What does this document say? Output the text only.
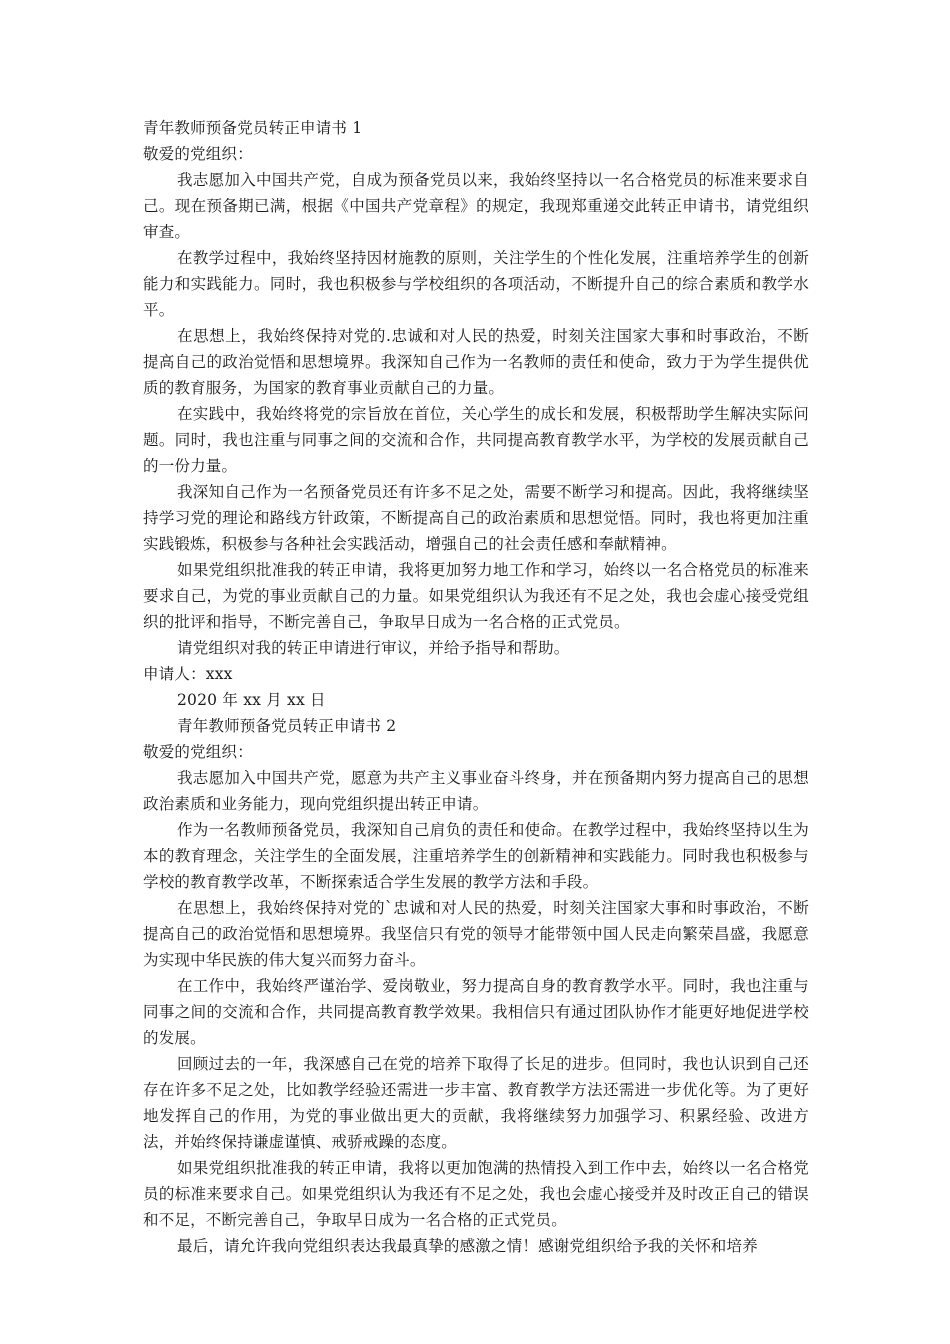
青年教师预备党员转正申请书 1
敬爱的党组织：
我志愿加入中国共产党，自成为预备党员以来，我始终坚持以一名合格党员的标准来要求自己。现在预备期已满，根据《中国共产党章程》的规定，我现郑重递交此转正申请书，请党组织审查。
在教学过程中，我始终坚持因材施教的原则，关注学生的个性化发展，注重培养学生的创新能力和实践能力。同时，我也积极参与学校组织的各项活动，不断提升自己的综合素质和教学水平。
在思想上，我始终保持对党的.忠诚和对人民的热爱，时刻关注国家大事和时事政治，不断提高自己的政治觉悟和思想境界。我深知自己作为一名教师的责任和使命，致力于为学生提供优质的教育服务，为国家的教育事业贡献自己的力量。
在实践中，我始终将党的宗旨放在首位，关心学生的成长和发展，积极帮助学生解决实际问题。同时，我也注重与同事之间的交流和合作，共同提高教育教学水平，为学校的发展贡献自己的一份力量。
我深知自己作为一名预备党员还有许多不足之处，需要不断学习和提高。因此，我将继续坚持学习党的理论和路线方针政策，不断提高自己的政治素质和思想觉悟。同时，我也将更加注重实践锻炼，积极参与各种社会实践活动，增强自己的社会责任感和奉献精神。
如果党组织批准我的转正申请，我将更加努力地工作和学习，始终以一名合格党员的标准来要求自己，为党的事业贡献自己的力量。如果党组织认为我还有不足之处，我也会虚心接受党组织的批评和指导，不断完善自己，争取早日成为一名合格的正式党员。
请党组织对我的转正申请进行审议，并给予指导和帮助。
申请人：xxx
2020 年 xx 月 xx 日
青年教师预备党员转正申请书 2
敬爱的党组织：
我志愿加入中国共产党，愿意为共产主义事业奋斗终身，并在预备期内努力提高自己的思想政治素质和业务能力，现向党组织提出转正申请。
作为一名教师预备党员，我深知自己肩负的责任和使命。在教学过程中，我始终坚持以生为本的教育理念，关注学生的全面发展，注重培养学生的创新精神和实践能力。同时我也积极参与学校的教育教学改革，不断探索适合学生发展的教学方法和手段。
在思想上，我始终保持对党的`忠诚和对人民的热爱，时刻关注国家大事和时事政治，不断提高自己的政治觉悟和思想境界。我坚信只有党的领导才能带领中国人民走向繁荣昌盛，我愿意为实现中华民族的伟大复兴而努力奋斗。
在工作中，我始终严谨治学、爱岗敬业，努力提高自身的教育教学水平。同时，我也注重与同事之间的交流和合作，共同提高教育教学效果。我相信只有通过团队协作才能更好地促进学校的发展。
回顾过去的一年，我深感自己在党的培养下取得了长足的进步。但同时，我也认识到自己还存在许多不足之处，比如教学经验还需进一步丰富、教育教学方法还需进一步优化等。为了更好地发挥自己的作用，为党的事业做出更大的贡献，我将继续努力加强学习、积累经验、改进方法，并始终保持谦虚谨慎、戒骄戒躁的态度。
如果党组织批准我的转正申请，我将以更加饱满的热情投入到工作中去，始终以一名合格党员的标准来要求自己。如果党组织认为我还有不足之处，我也会虚心接受并及时改正自己的错误和不足，不断完善自己，争取早日成为一名合格的正式党员。
最后，请允许我向党组织表达我最真挚的感激之情！感谢党组织给予我的关怀和培养
